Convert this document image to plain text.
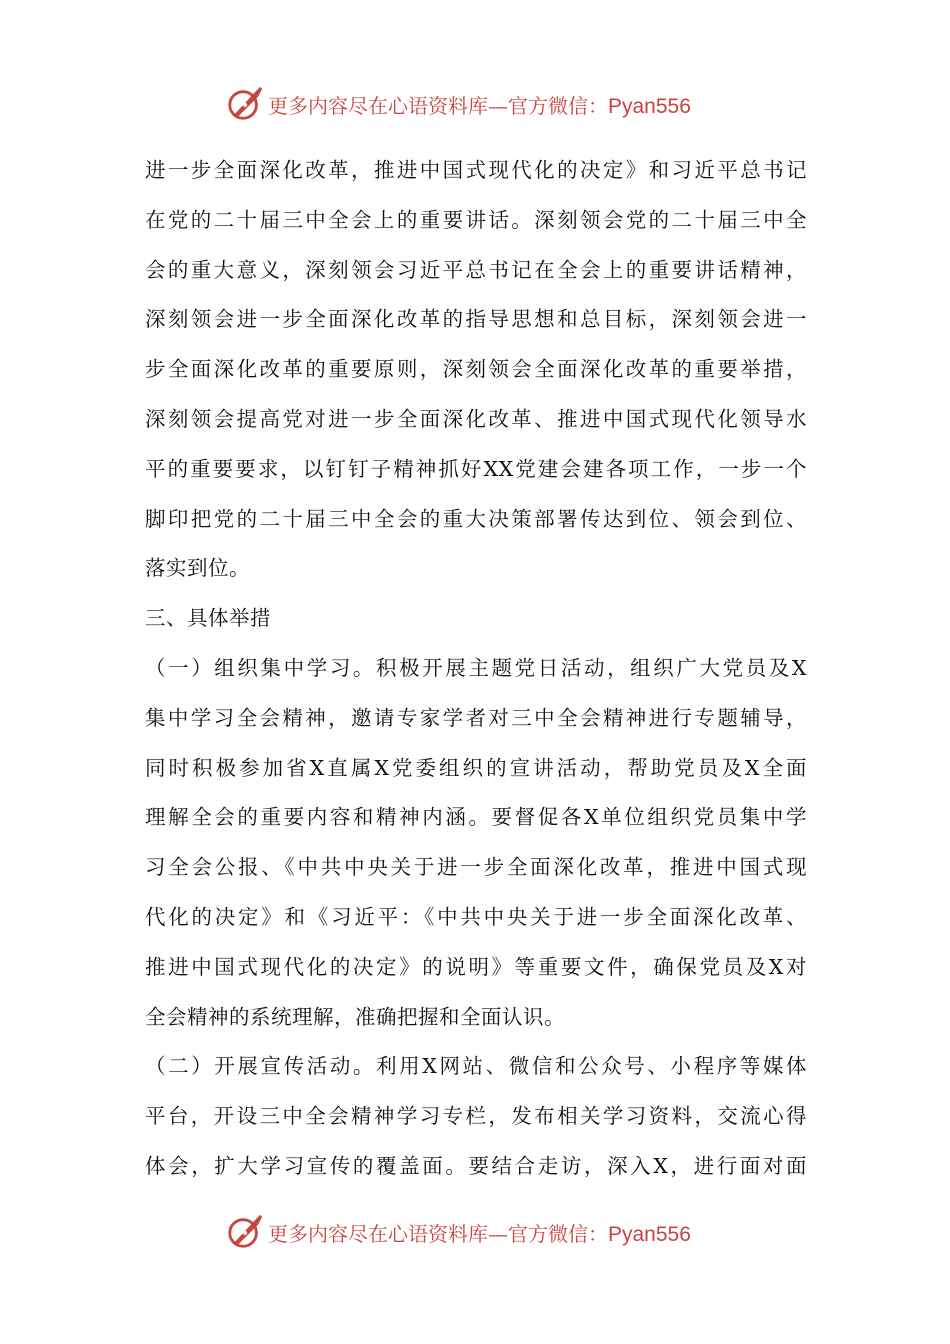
更多内容尽在心语资料库—官方微信：Pyan556
进一步全面深化改革，推进中国式现代化的决定》和习近平总书记
在党的二十届三中全会上的重要讲话。深刻领会党的二十届三中全
会的重大意义，深刻领会习近平总书记在全会上的重要讲话精神，
深刻领会进一步全面深化改革的指导思想和总目标，深刻领会进一
步全面深化改革的重要原则，深刻领会全面深化改革的重要举措，
深刻领会提高党对进一步全面深化改革、推进中国式现代化领导水
平的重要要求，以钉钉子精神抓好XX党建会建各项工作，一步一个
脚印把党的二十届三中全会的重大决策部署传达到位、领会到位、
落实到位。
三、具体举措
（一）组织集中学习。积极开展主题党日活动，组织广大党员及X
集中学习全会精神，邀请专家学者对三中全会精神进行专题辅导，
同时积极参加省X直属X党委组织的宣讲活动，帮助党员及X全面
理解全会的重要内容和精神内涵。要督促各X单位组织党员集中学
习全会公报、《中共中央关于进一步全面深化改革，推进中国式现
代化的决定》和《习近平：《中共中央关于进一步全面深化改革、
推进中国式现代化的决定》的说明》等重要文件，确保党员及X对
全会精神的系统理解，准确把握和全面认识。
（二）开展宣传活动。利用X网站、微信和公众号、小程序等媒体
平台，开设三中全会精神学习专栏，发布相关学习资料，交流心得
体会，扩大学习宣传的覆盖面。要结合走访，深入X，进行面对面
更多内容尽在心语资料库—官方微信：Pyan556
